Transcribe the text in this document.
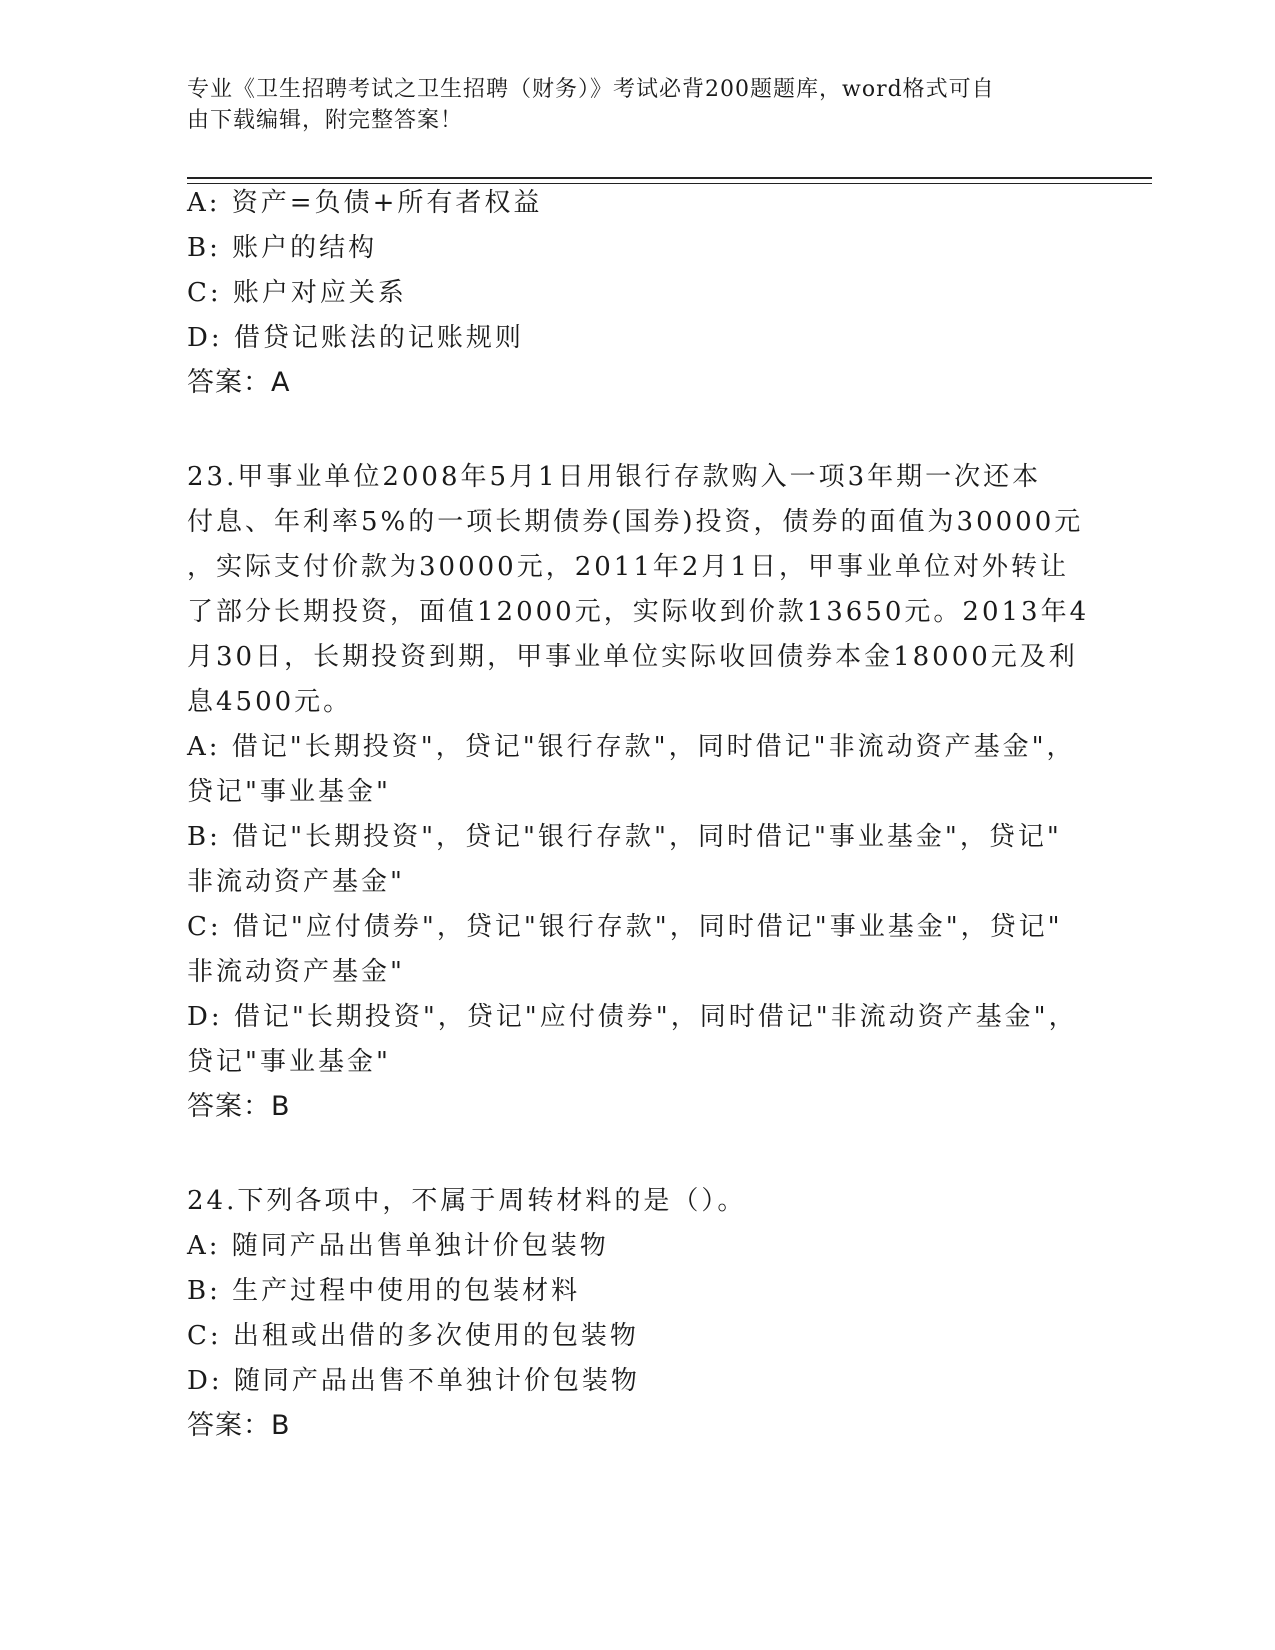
专业《卫生招聘考试之卫生招聘（财务）》考试必背200题题库，word格式可自
由下载编辑，附完整答案！
A: 资产=负债+所有者权益
B: 账户的结构
C: 账户对应关系
D: 借贷记账法的记账规则
答案：A
23.甲事业单位2008年5月1日用银行存款购入一项3年期一次还本
付息、年利率5%的一项长期债券(国券)投资，债券的面值为30000元
，实际支付价款为30000元，2011年2月1日，甲事业单位对外转让
了部分长期投资，面值12000元，实际收到价款13650元。2013年4
月30日，长期投资到期，甲事业单位实际收回债券本金18000元及利
息4500元。
A: 借记"长期投资"，贷记"银行存款"，同时借记"非流动资产基金"，
贷记"事业基金"
B: 借记"长期投资"，贷记"银行存款"，同时借记"事业基金"，贷记"
非流动资产基金"
C: 借记"应付债券"，贷记"银行存款"，同时借记"事业基金"，贷记"
非流动资产基金"
D: 借记"长期投资"，贷记"应付债券"，同时借记"非流动资产基金"，
贷记"事业基金"
答案：B
24.下列各项中，不属于周转材料的是（）。
A: 随同产品出售单独计价包装物
B: 生产过程中使用的包装材料
C: 出租或出借的多次使用的包装物
D: 随同产品出售不单独计价包装物
答案：B
